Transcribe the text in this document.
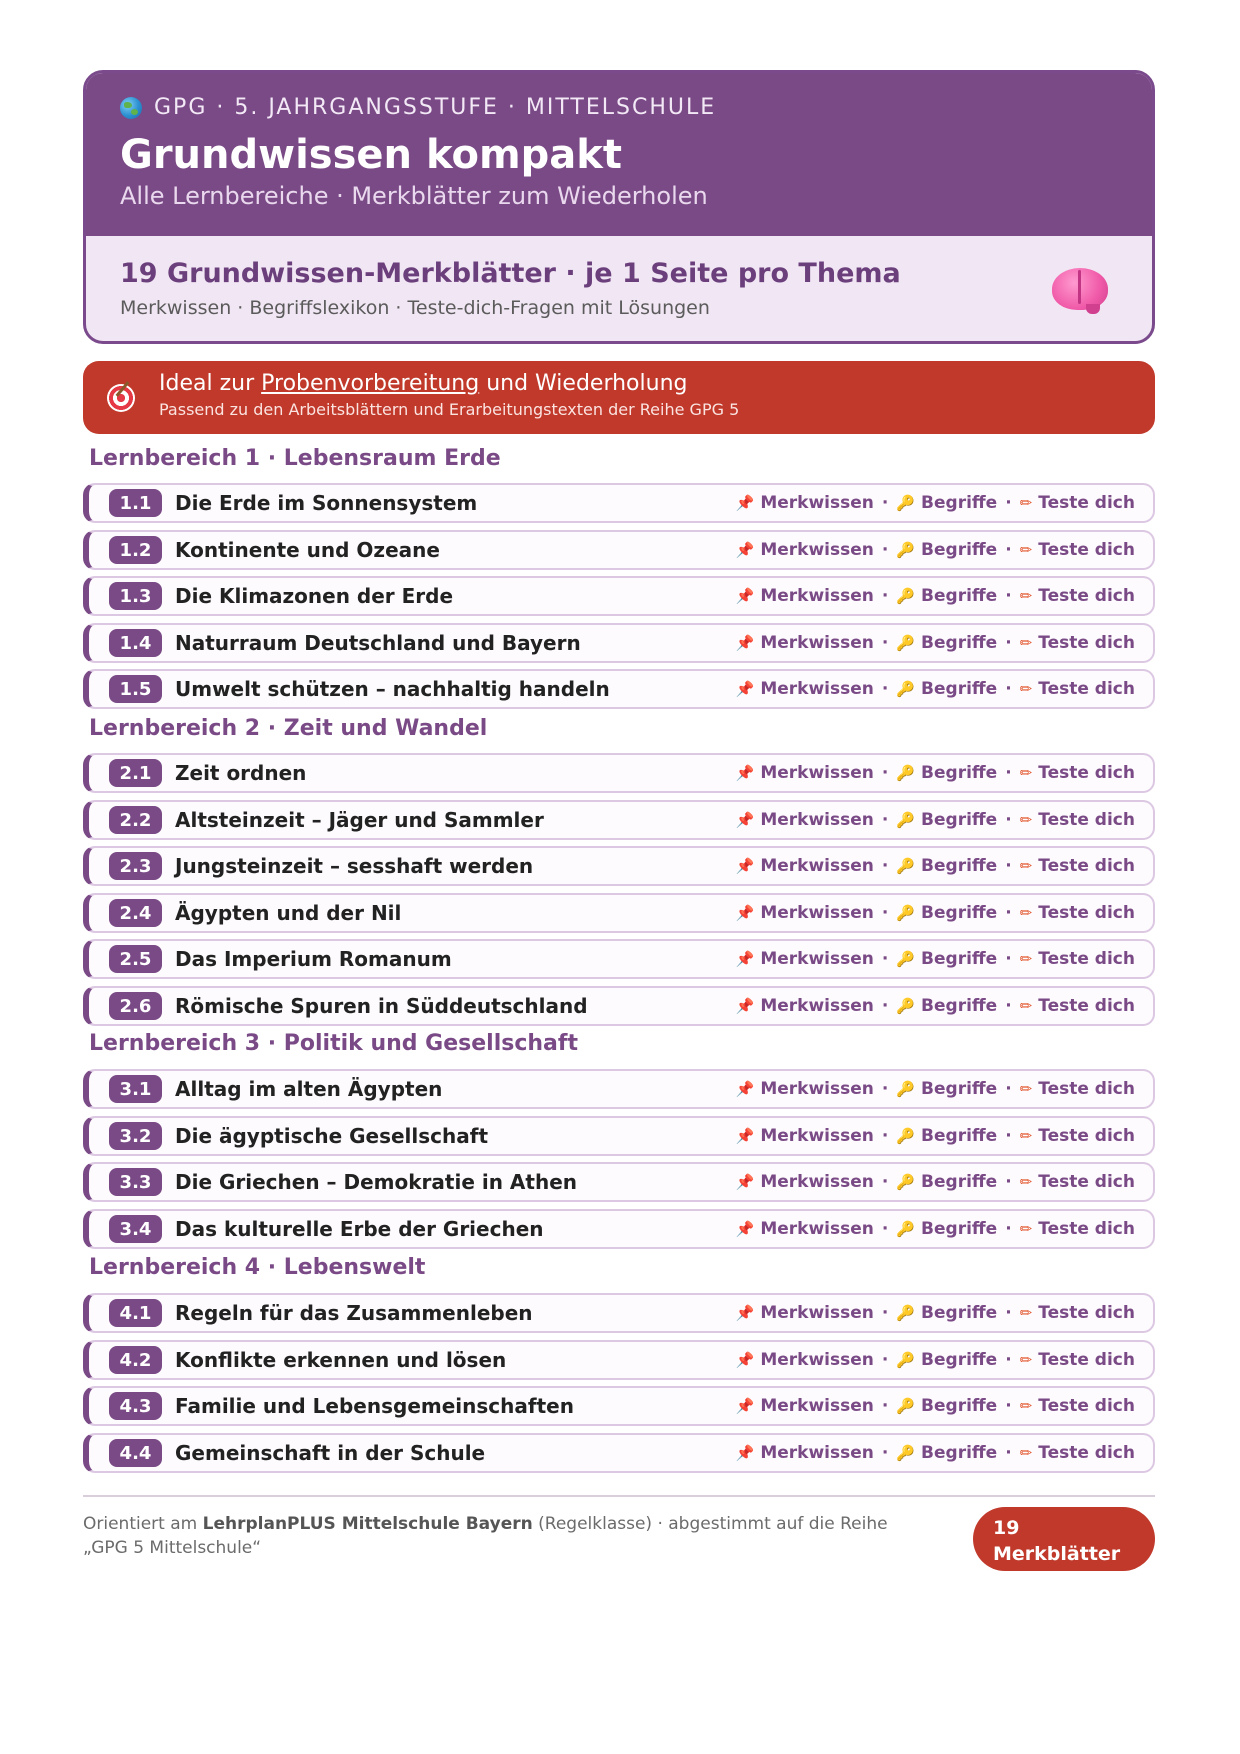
GPG · 5. JAHRGANGSSTUFE · MITTELSCHULE
Grundwissen kompakt
Alle Lernbereiche · Merkblätter zum Wiederholen
19 Grundwissen-Merkblätter · je 1 Seite pro Thema
Merkwissen · Begriffslexikon · Teste-dich-Fragen mit Lösungen
Ideal zur Probenvorbereitung und Wiederholung
Passend zu den Arbeitsblättern und Erarbeitungstexten der Reihe GPG 5
Lernbereich 1 · Lebensraum Erde
1.1	Die Erde im Sonnensystem	📌 Merkwissen · 🔑 Begriffe · ✏ Teste dich
1.2	Kontinente und Ozeane	📌 Merkwissen · 🔑 Begriffe · ✏ Teste dich
1.3	Die Klimazonen der Erde	📌 Merkwissen · 🔑 Begriffe · ✏ Teste dich
1.4	Naturraum Deutschland und Bayern	📌 Merkwissen · 🔑 Begriffe · ✏ Teste dich
1.5	Umwelt schützen – nachhaltig handeln	📌 Merkwissen · 🔑 Begriffe · ✏ Teste dich
Lernbereich 2 · Zeit und Wandel
2.1	Zeit ordnen	📌 Merkwissen · 🔑 Begriffe · ✏ Teste dich
2.2	Altsteinzeit – Jäger und Sammler	📌 Merkwissen · 🔑 Begriffe · ✏ Teste dich
2.3	Jungsteinzeit – sesshaft werden	📌 Merkwissen · 🔑 Begriffe · ✏ Teste dich
2.4	Ägypten und der Nil	📌 Merkwissen · 🔑 Begriffe · ✏ Teste dich
2.5	Das Imperium Romanum	📌 Merkwissen · 🔑 Begriffe · ✏ Teste dich
2.6	Römische Spuren in Süddeutschland	📌 Merkwissen · 🔑 Begriffe · ✏ Teste dich
Lernbereich 3 · Politik und Gesellschaft
3.1	Alltag im alten Ägypten	📌 Merkwissen · 🔑 Begriffe · ✏ Teste dich
3.2	Die ägyptische Gesellschaft	📌 Merkwissen · 🔑 Begriffe · ✏ Teste dich
3.3	Die Griechen – Demokratie in Athen	📌 Merkwissen · 🔑 Begriffe · ✏ Teste dich
3.4	Das kulturelle Erbe der Griechen	📌 Merkwissen · 🔑 Begriffe · ✏ Teste dich
Lernbereich 4 · Lebenswelt
4.1	Regeln für das Zusammenleben	📌 Merkwissen · 🔑 Begriffe · ✏ Teste dich
4.2	Konflikte erkennen und lösen	📌 Merkwissen · 🔑 Begriffe · ✏ Teste dich
4.3	Familie und Lebensgemeinschaften	📌 Merkwissen · 🔑 Begriffe · ✏ Teste dich
4.4	Gemeinschaft in der Schule	📌 Merkwissen · 🔑 Begriffe · ✏ Teste dich
Orientiert am LehrplanPLUS Mittelschule Bayern (Regelklasse) · abgestimmt auf die Reihe „GPG 5 Mittelschule“
19
Merkblätter
